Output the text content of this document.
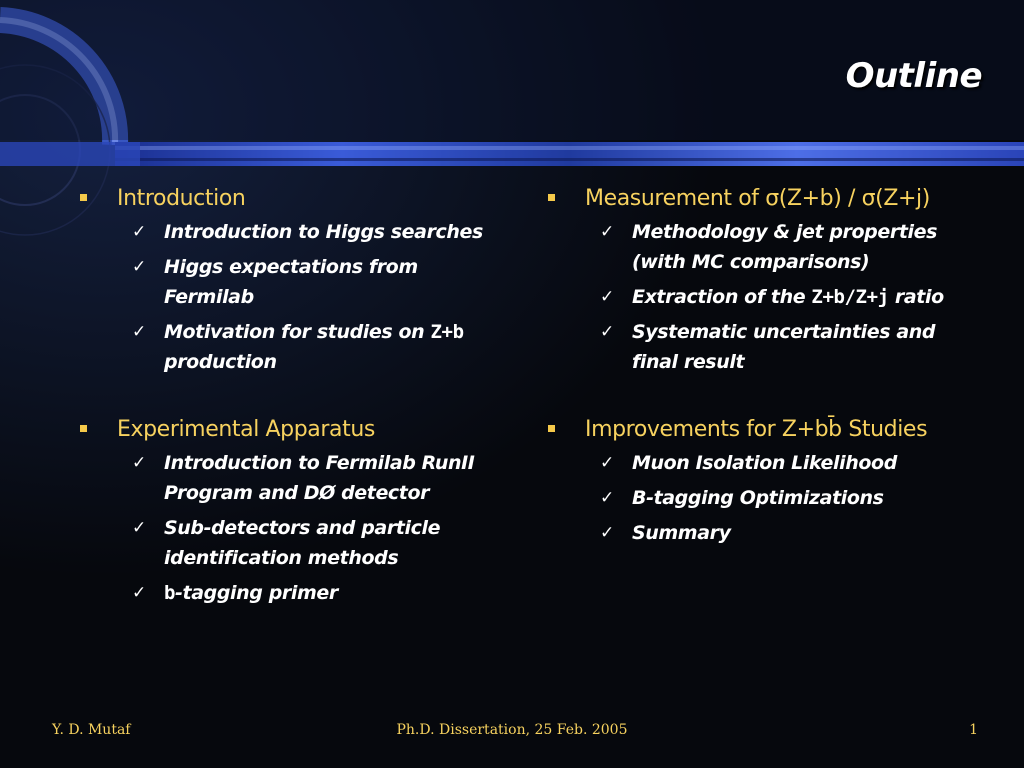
Outline
Introduction
✓ Introduction to Higgs searches
✓ Higgs expectations from Fermilab
✓ Motivation for studies on Z+b production
Experimental Apparatus
✓ Introduction to Fermilab RunII Program and DØ detector
✓ Sub-detectors and particle identification methods
✓ b-tagging primer
Measurement of σ(Z+b) / σ(Z+j)
✓ Methodology & jet properties (with MC comparisons)
✓ Extraction of the Z+b/Z+j ratio
✓ Systematic uncertainties and final result
Improvements for Z+bb̄ Studies
✓ Muon Isolation Likelihood
✓ B-tagging Optimizations
✓ Summary
Ph.D. Dissertation, 25 Feb. 2005
Y. D. Mutaf	1
